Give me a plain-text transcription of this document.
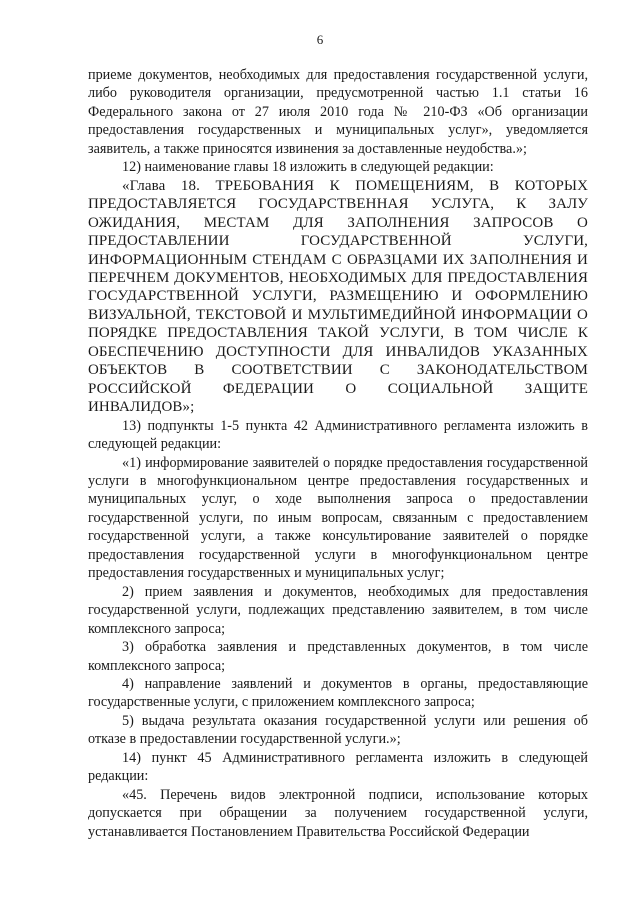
6

приеме документов, необходимых для предоставления государственной услуги, либо руководителя организации, предусмотренной частью 1.1 статьи 16 Федерального закона от 27 июля 2010 года № 210-ФЗ «Об организации предоставления государственных и муниципальных услуг», уведомляется заявитель, а также приносятся извинения за доставленные неудобства.»;

12) наименование главы 18 изложить в следующей редакции:

«Глава 18. ТРЕБОВАНИЯ К ПОМЕЩЕНИЯМ, В КОТОРЫХ ПРЕДОСТАВЛЯЕТСЯ ГОСУДАРСТВЕННАЯ УСЛУГА, К ЗАЛУ ОЖИДАНИЯ, МЕСТАМ ДЛЯ ЗАПОЛНЕНИЯ ЗАПРОСОВ О ПРЕДОСТАВЛЕНИИ ГОСУДАРСТВЕННОЙ УСЛУГИ, ИНФОРМАЦИОННЫМ СТЕНДАМ С ОБРАЗЦАМИ ИХ ЗАПОЛНЕНИЯ И ПЕРЕЧНЕМ ДОКУМЕНТОВ, НЕОБХОДИМЫХ ДЛЯ ПРЕДОСТАВЛЕНИЯ ГОСУДАРСТВЕННОЙ УСЛУГИ, РАЗМЕЩЕНИЮ И ОФОРМЛЕНИЮ ВИЗУАЛЬНОЙ, ТЕКСТОВОЙ И МУЛЬТИМЕДИЙНОЙ ИНФОРМАЦИИ О ПОРЯДКЕ ПРЕДОСТАВЛЕНИЯ ТАКОЙ УСЛУГИ, В ТОМ ЧИСЛЕ К ОБЕСПЕЧЕНИЮ ДОСТУПНОСТИ ДЛЯ ИНВАЛИДОВ УКАЗАННЫХ ОБЪЕКТОВ В СООТВЕТСТВИИ С ЗАКОНОДАТЕЛЬСТВОМ РОССИЙСКОЙ ФЕДЕРАЦИИ О СОЦИАЛЬНОЙ ЗАЩИТЕ ИНВАЛИДОВ»;

13) подпункты 1-5 пункта 42 Административного регламента изложить в следующей редакции:

«1) информирование заявителей о порядке предоставления государственной услуги в многофункциональном центре предоставления государственных и муниципальных услуг, о ходе выполнения запроса о предоставлении государственной услуги, по иным вопросам, связанным с предоставлением государственной услуги, а также консультирование заявителей о порядке предоставления государственной услуги в многофункциональном центре предоставления государственных и муниципальных услуг;

2) прием заявления и документов, необходимых для предоставления государственной услуги, подлежащих представлению заявителем, в том числе комплексного запроса;

3) обработка заявления и представленных документов, в том числе комплексного запроса;

4) направление заявлений и документов в органы, предоставляющие государственные услуги, с приложением комплексного запроса;

5) выдача результата оказания государственной услуги или решения об отказе в предоставлении государственной услуги.»;

14) пункт 45 Административного регламента изложить в следующей редакции:

«45. Перечень видов электронной подписи, использование которых допускается при обращении за получением государственной услуги, устанавливается Постановлением Правительства Российской Федерации
